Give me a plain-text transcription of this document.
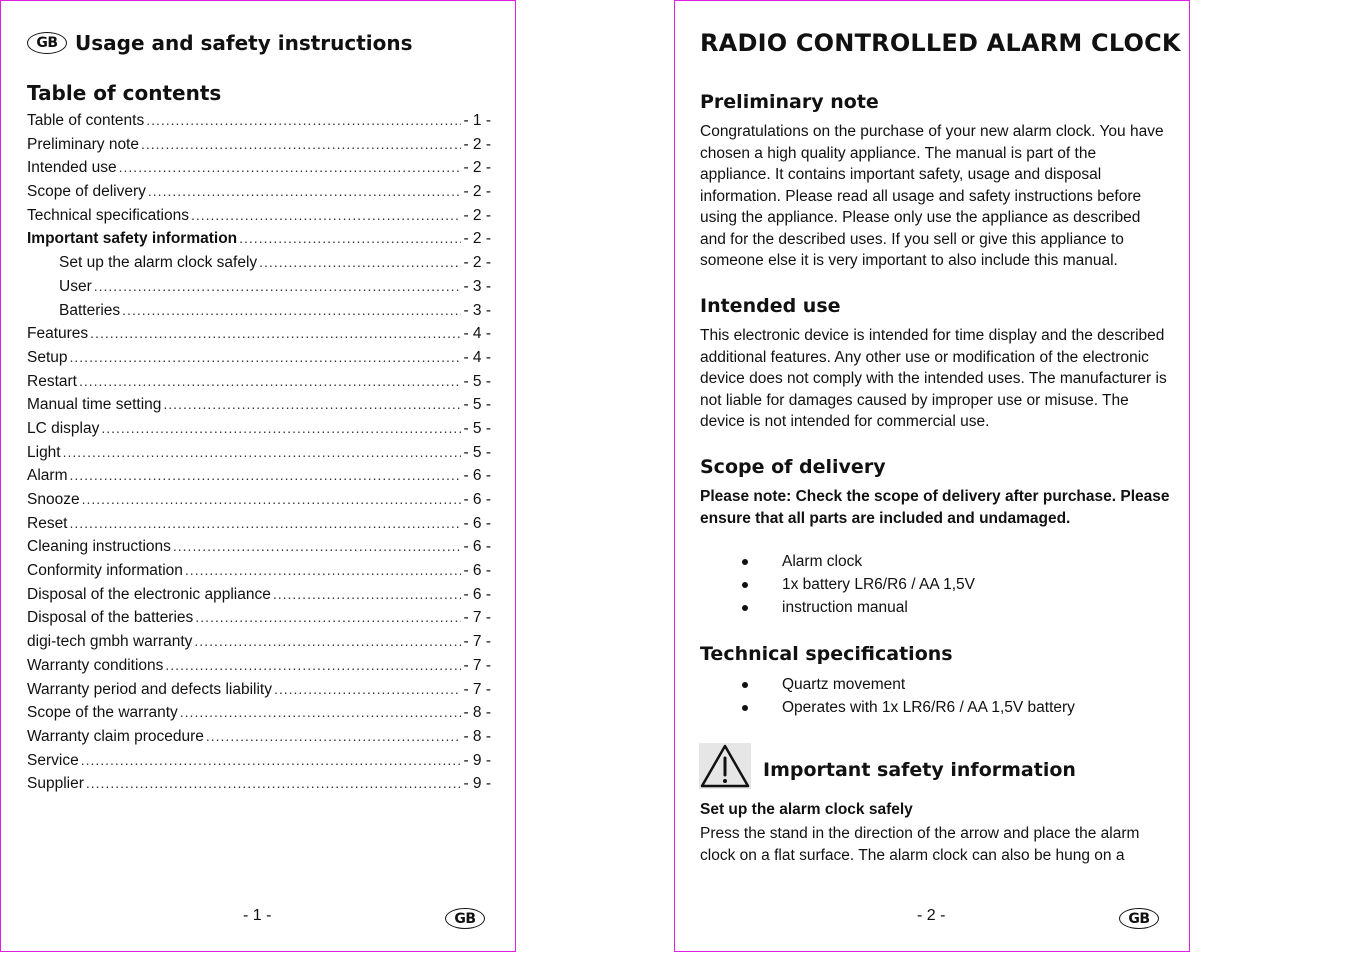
GB Usage and safety instructions
Table of contents
Table of contents .....	- 1 -
Preliminary note .....	- 2 -
Intended use .....	- 2 -
Scope of delivery .....	- 2 -
Technical specifications .....	- 2 -
Important safety information .....	- 2 -
Set up the alarm clock safely .....	- 2 -
User .....	- 3 -
Batteries .....	- 3 -
Features .....	- 4 -
Setup .....	- 4 -
Restart .....	- 5 -
Manual time setting .....	- 5 -
LC display .....	- 5 -
Light .....	- 5 -
Alarm .....	- 6 -
Snooze .....	- 6 -
Reset .....	- 6 -
Cleaning instructions .....	- 6 -
Conformity information .....	- 6 -
Disposal of the electronic appliance .....	- 6 -
Disposal of the batteries .....	- 7 -
digi-tech gmbh warranty .....	- 7 -
Warranty conditions .....	- 7 -
Warranty period and defects liability .....	- 7 -
Scope of the warranty .....	- 8 -
Warranty claim procedure .....	- 8 -
Service .....	- 9 -
Supplier .....	- 9 -
- 1 -	GB
RADIO CONTROLLED ALARM CLOCK
Preliminary note

Congratulations on the purchase of your new alarm clock. You have chosen a high quality appliance. The manual is part of the appliance. It contains important safety, usage and disposal information. Please read all usage and safety instructions before using the appliance. Please only use the appliance as described and for the described uses. If you sell or give this appliance to someone else it is very important to also include this manual.

Intended use

This electronic device is intended for time display and the described additional features. Any other use or modification of the electronic device does not comply with the intended uses. The manufacturer is not liable for damages caused by improper use or misuse. The device is not intended for commercial use.

Scope of delivery

Please note: Check the scope of delivery after purchase. Please ensure that all parts are included and undamaged.

Alarm clock
1x battery LR6/R6 / AA 1,5V
instruction manual
Technical specifications
Quartz movement
Operates with 1x LR6/R6 / AA 1,5V battery
Important safety information
Set up the alarm clock safely

Press the stand in the direction of the arrow and place the alarm clock on a flat surface. The alarm clock can also be hung on a

- 2 -	GB
